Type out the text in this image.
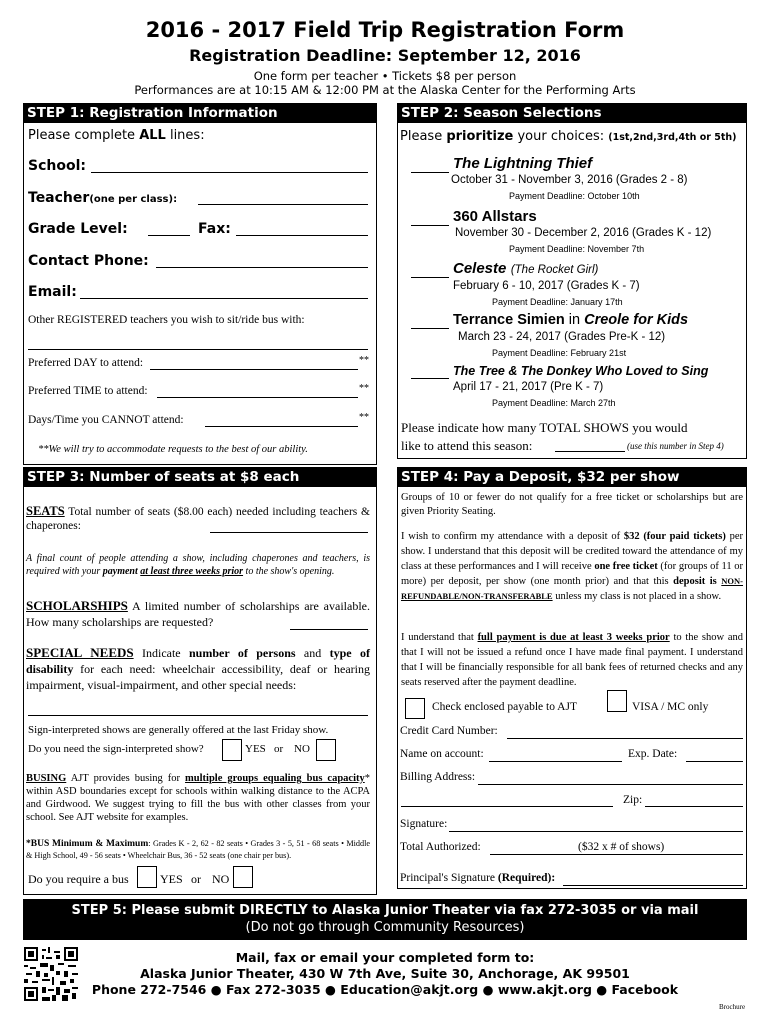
2016 - 2017 Field Trip Registration Form
Registration Deadline: September 12, 2016
One form per teacher • Tickets $8 per person
Performances are at 10:15 AM & 12:00 PM at the Alaska Center for the Performing Arts
STEP 1: Registration Information
Please complete ALL lines:
School:
Teacher(one per class):
Grade Level:	Fax:
Contact Phone:
Email:
Other REGISTERED teachers you wish to sit/ride bus with:
Preferred DAY to attend:	**
Preferred TIME to attend:	**
Days/Time you CANNOT attend:	**
**We will try to accommodate requests to the best of our ability.
STEP 2: Season Selections
Please prioritize your choices: (1st,2nd,3rd,4th or 5th)
The Lightning Thief
October 31 - November 3, 2016 (Grades 2 - 8)
Payment Deadline: October 10th
360 Allstars
November 30 - December 2, 2016 (Grades K - 12)
Payment Deadline: November 7th
Celeste (The Rocket Girl)
February 6 - 10, 2017 (Grades K - 7)
Payment Deadline: January 17th
Terrance Simien in Creole for Kids
March 23 - 24, 2017 (Grades Pre-K - 12)
Payment Deadline: February 21st
The Tree & The Donkey Who Loved to Sing
April 17 - 21, 2017 (Pre K - 7)
Payment Deadline: March 27th
Please indicate how many TOTAL SHOWS you would
like to attend this season:	(use this number in Step 4)
STEP 3: Number of seats at $8 each
SEATS Total number of seats ($8.00 each) needed including teachers & chaperones:
A final count of people attending a show, including chaperones and teachers, is required with your payment at least three weeks prior to the show's opening.
SCHOLARSHIPS A limited number of scholarships are available. How many scholarships are requested?
SPECIAL NEEDS Indicate number of persons and type of disability for each need: wheelchair accessibility, deaf or hearing impairment, visual-impairment, and other special needs:
Sign-interpreted shows are generally offered at the last Friday show.
Do you need the sign-interpreted show?	YES or NO
BUSING AJT provides busing for multiple groups equaling bus capacity* within ASD boundaries except for schools within walking distance to the ACPA and Girdwood. We suggest trying to fill the bus with other classes from your school. See AJT website for examples.
*BUS Minimum & Maximum: Grades K - 2, 62 - 82 seats • Grades 3 - 5, 51 - 68 seats • Middle & High School, 49 - 56 seats • Wheelchair Bus, 36 - 52 seats (one chair per bus).
Do you require a bus	YES or NO
STEP 4: Pay a Deposit, $32 per show
Groups of 10 or fewer do not qualify for a free ticket or scholarships but are given Priority Seating.
I wish to confirm my attendance with a deposit of $32 (four paid tickets) per show. I understand that this deposit will be credited toward the attendance of my class at these performances and I will receive one free ticket (for groups of 11 or more) per deposit, per show (one month prior) and that this deposit is NON-REFUNDABLE/NON-TRANSFERABLE unless my class is not placed in a show.
I understand that full payment is due at least 3 weeks prior to the show and that I will not be issued a refund once I have made final payment. I understand that I will be financially responsible for all bank fees of returned checks and any seats reserved after the payment deadline.
Check enclosed payable to AJT	VISA / MC only
Credit Card Number:
Name on account:	Exp. Date:
Billing Address:
Zip:
Signature:
Total Authorized:	($32 x # of shows)
Principal's Signature (Required):
STEP 5: Please submit DIRECTLY to Alaska Junior Theater via fax 272-3035 or via mail
(Do not go through Community Resources)
Mail, fax or email your completed form to:
Alaska Junior Theater, 430 W 7th Ave, Suite 30, Anchorage, AK 99501
Phone 272-7546 ● Fax 272-3035 ● Education@akjt.org ● www.akjt.org ● Facebook
Brochure
